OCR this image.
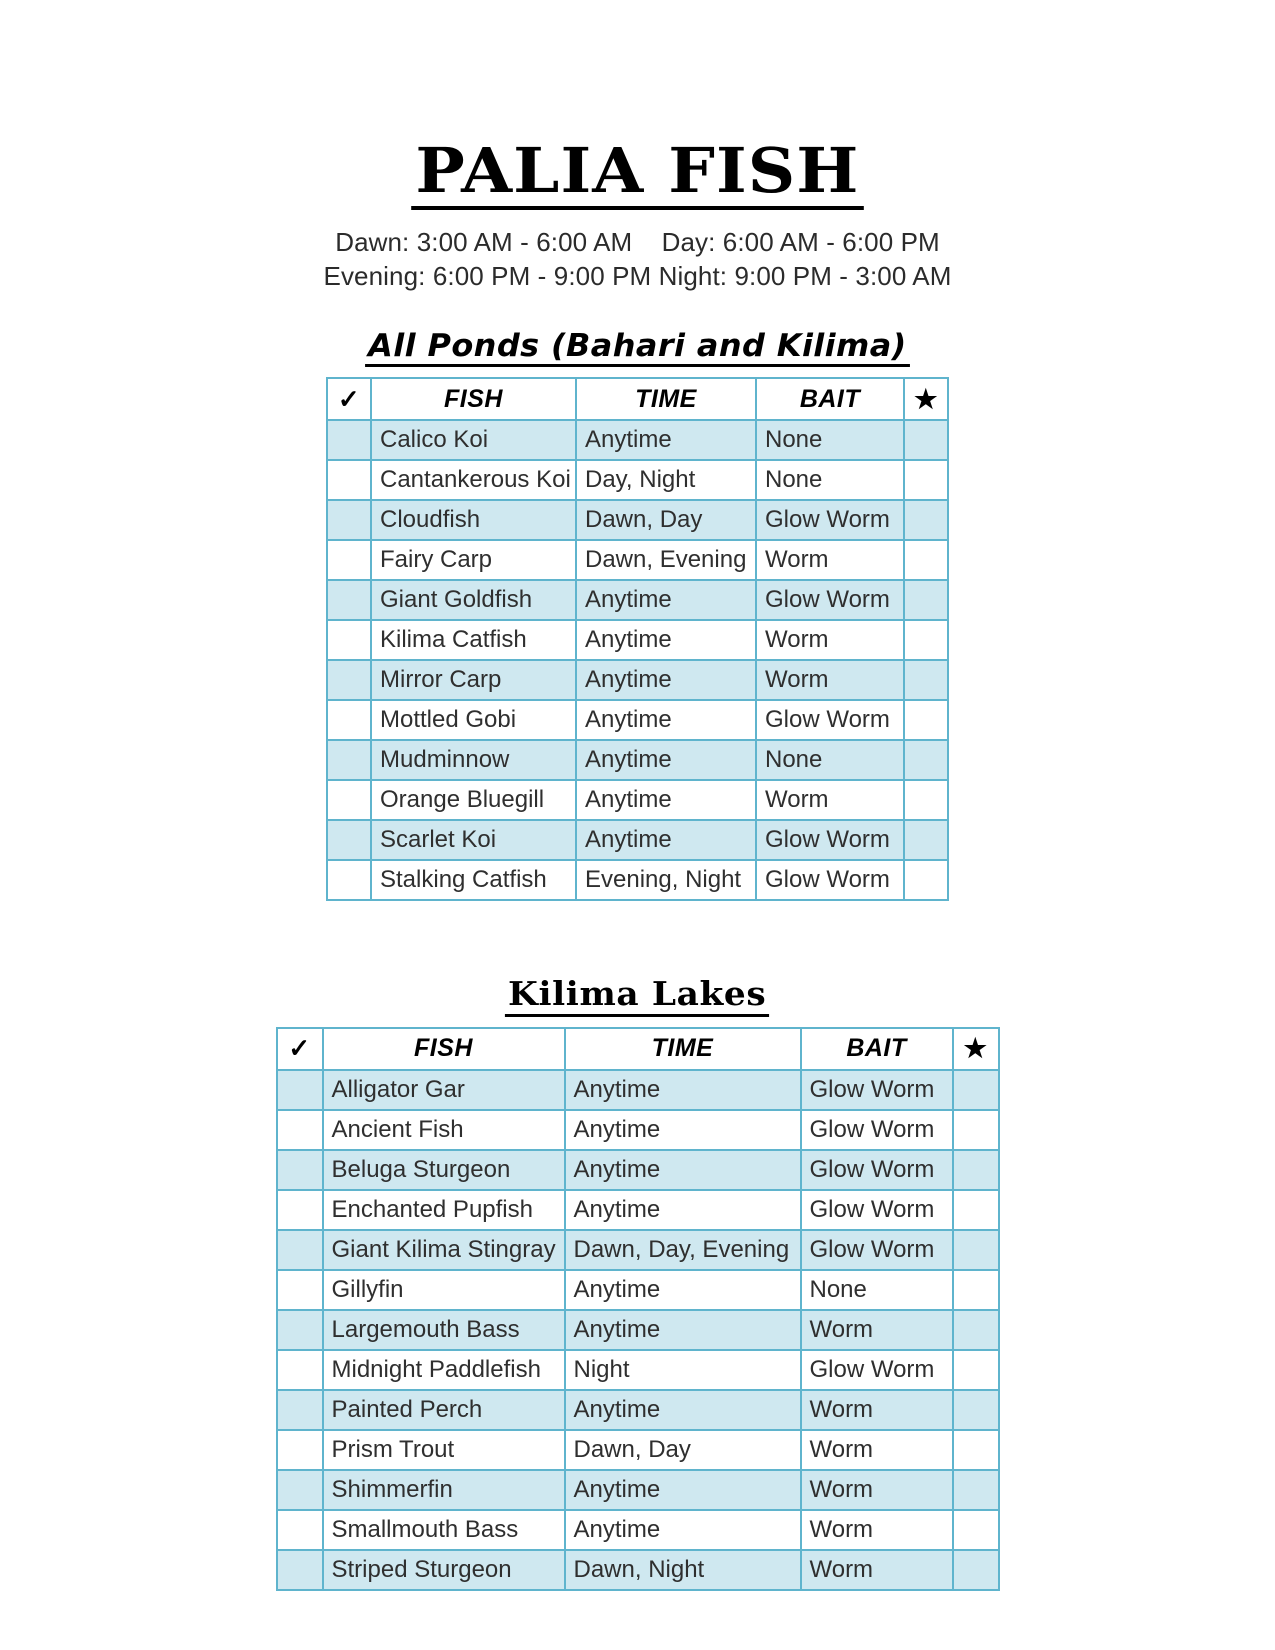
PALIA FISH
Dawn: 3:00 AM - 6:00 AM    Day: 6:00 AM - 6:00 PM
Evening: 6:00 PM - 9:00 PM Night: 9:00 PM - 3:00 AM
All Ponds (Bahari and Kilima)
✓	FISH	TIME	BAIT	★
	Calico Koi	Anytime	None	
	Cantankerous Koi	Day, Night	None	
	Cloudfish	Dawn, Day	Glow Worm	
	Fairy Carp	Dawn, Evening	Worm	
	Giant Goldfish	Anytime	Glow Worm	
	Kilima Catfish	Anytime	Worm	
	Mirror Carp	Anytime	Worm	
	Mottled Gobi	Anytime	Glow Worm	
	Mudminnow	Anytime	None	
	Orange Bluegill	Anytime	Worm	
	Scarlet Koi	Anytime	Glow Worm	
	Stalking Catfish	Evening, Night	Glow Worm	
Kilima Lakes
✓	FISH	TIME	BAIT	★
	Alligator Gar	Anytime	Glow Worm	
	Ancient Fish	Anytime	Glow Worm	
	Beluga Sturgeon	Anytime	Glow Worm	
	Enchanted Pupfish	Anytime	Glow Worm	
	Giant Kilima Stingray	Dawn, Day, Evening	Glow Worm	
	Gillyfin	Anytime	None	
	Largemouth Bass	Anytime	Worm	
	Midnight Paddlefish	Night	Glow Worm	
	Painted Perch	Anytime	Worm	
	Prism Trout	Dawn, Day	Worm	
	Shimmerfin	Anytime	Worm	
	Smallmouth Bass	Anytime	Worm	
	Striped Sturgeon	Dawn, Night	Worm	
